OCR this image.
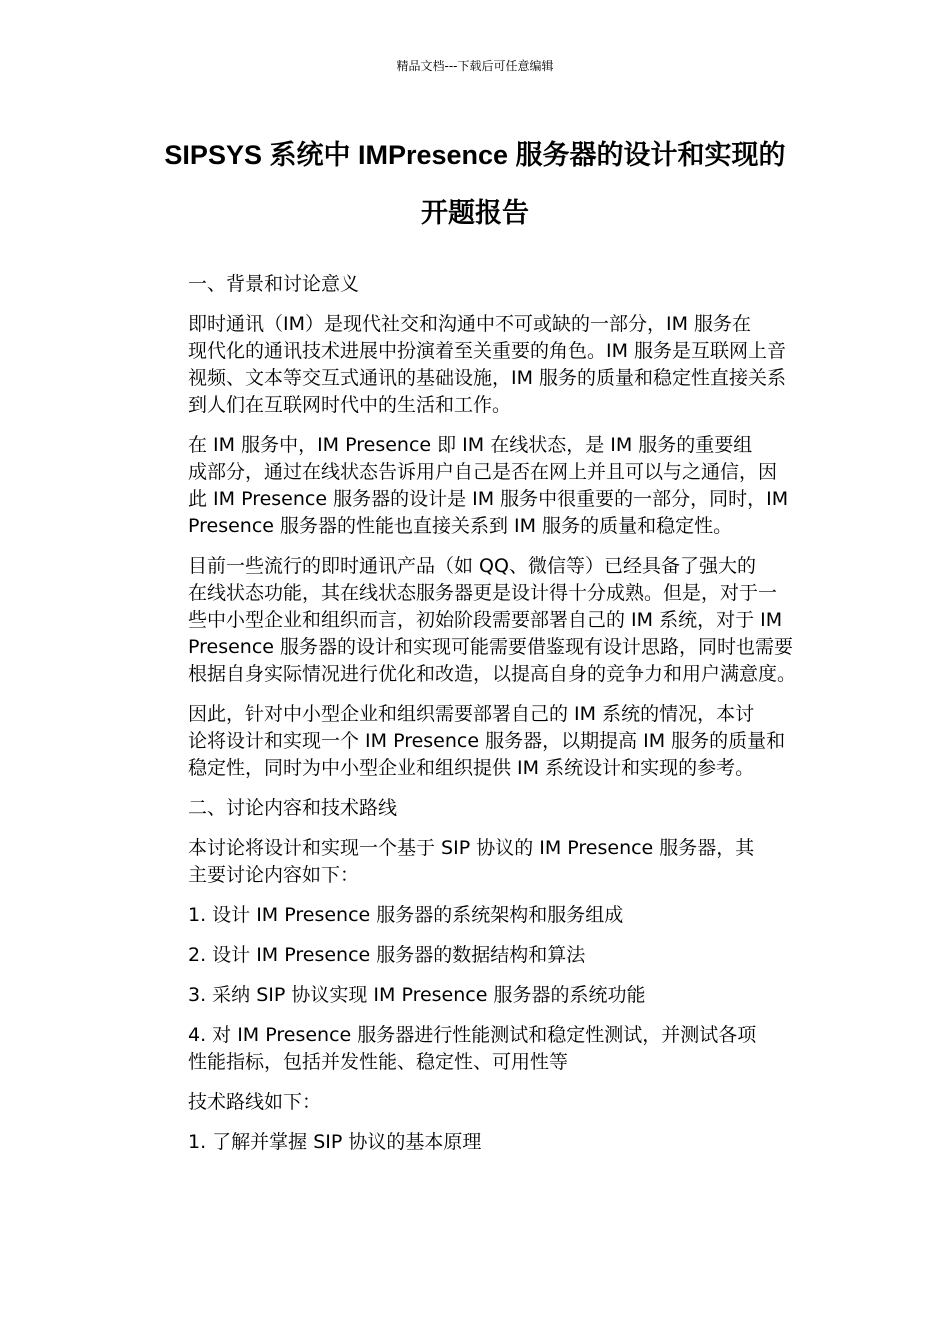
精品文档---下载后可任意编辑
SIPSYS 系统中 IMPresence 服务器的设计和实现的
开题报告
一、背景和讨论意义
即时通讯（IM）是现代社交和沟通中不可或缺的一部分，IM 服务在
现代化的通讯技术进展中扮演着至关重要的角色。IM 服务是互联网上音
视频、文本等交互式通讯的基础设施，IM 服务的质量和稳定性直接关系
到人们在互联网时代中的生活和工作。
在 IM 服务中，IM Presence 即 IM 在线状态，是 IM 服务的重要组
成部分，通过在线状态告诉用户自己是否在网上并且可以与之通信，因
此 IM Presence 服务器的设计是 IM 服务中很重要的一部分，同时，IM
Presence 服务器的性能也直接关系到 IM 服务的质量和稳定性。
目前一些流行的即时通讯产品（如 QQ、微信等）已经具备了强大的
在线状态功能，其在线状态服务器更是设计得十分成熟。但是，对于一
些中小型企业和组织而言，初始阶段需要部署自己的 IM 系统，对于 IM
Presence 服务器的设计和实现可能需要借鉴现有设计思路，同时也需要
根据自身实际情况进行优化和改造，以提高自身的竞争力和用户满意度。
因此，针对中小型企业和组织需要部署自己的 IM 系统的情况，本讨
论将设计和实现一个 IM Presence 服务器，以期提高 IM 服务的质量和
稳定性，同时为中小型企业和组织提供 IM 系统设计和实现的参考。
二、讨论内容和技术路线
本讨论将设计和实现一个基于 SIP 协议的 IM Presence 服务器，其
主要讨论内容如下：
1. 设计 IM Presence 服务器的系统架构和服务组成
2. 设计 IM Presence 服务器的数据结构和算法
3. 采纳 SIP 协议实现 IM Presence 服务器的系统功能
4. 对 IM Presence 服务器进行性能测试和稳定性测试，并测试各项
性能指标，包括并发性能、稳定性、可用性等
技术路线如下：
1. 了解并掌握 SIP 协议的基本原理
